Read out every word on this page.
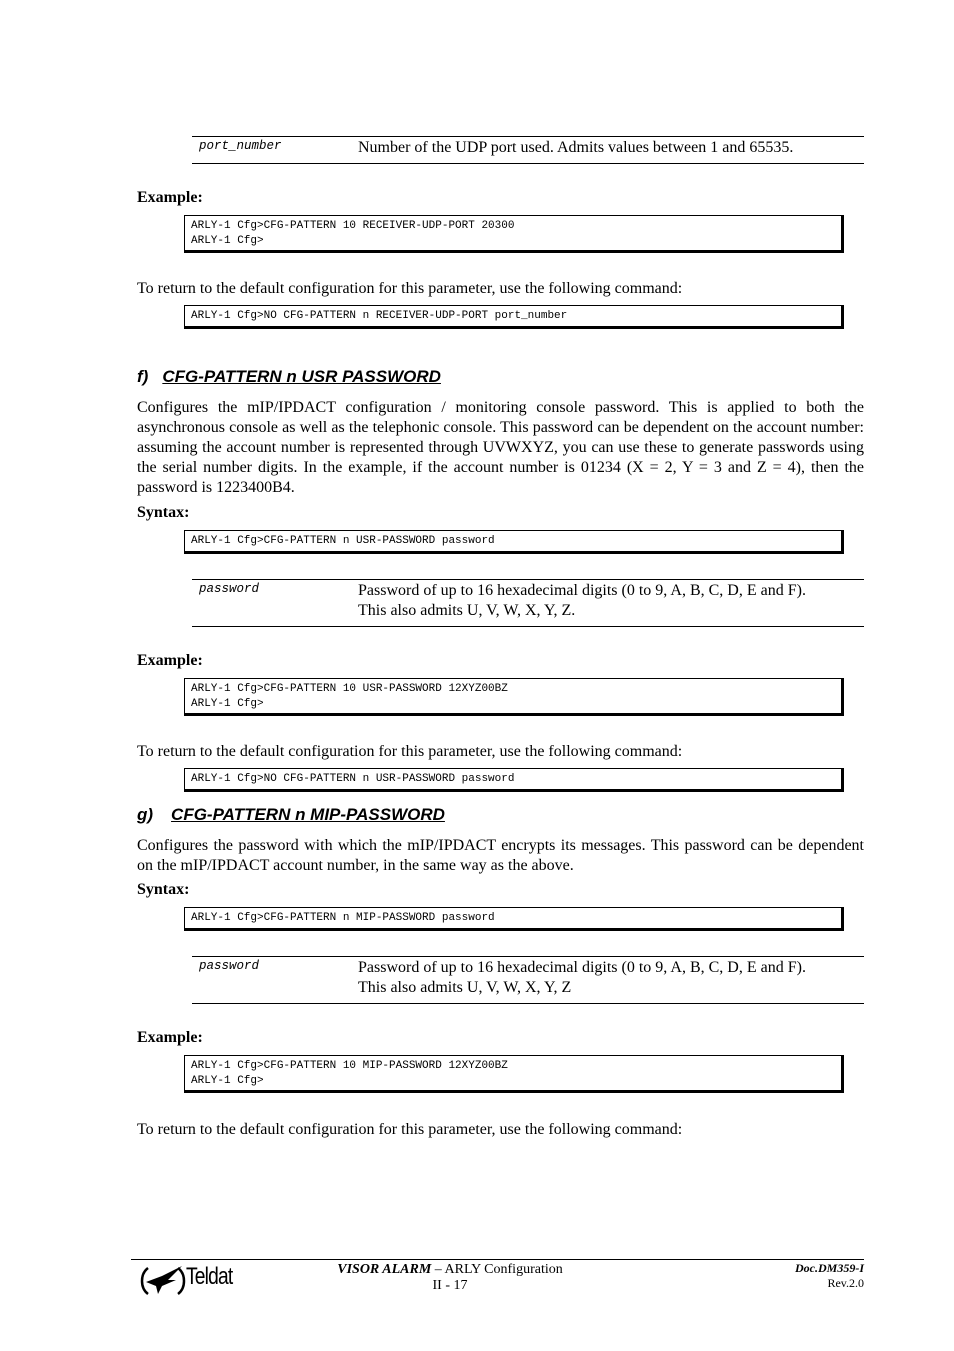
port_number	Number of the UDP port used. Admits values between 1 and 65535.
Example:
ARLY-1 Cfg>CFG-PATTERN 10 RECEIVER-UDP-PORT 20300
ARLY-1 Cfg>
To return to the default configuration for this parameter, use the following command:
ARLY-1 Cfg>NO CFG-PATTERN n RECEIVER-UDP-PORT port_number
f) CFG-PATTERN n USR PASSWORD
Configures the mIP/IPDACT configuration / monitoring console password. This is applied to both the asynchronous console as well as the telephonic console. This password can be dependent on the account number: assuming the account number is represented through UVWXYZ, you can use these to generate passwords using the serial number digits. In the example, if the account number is 01234 (X = 2, Y = 3 and Z = 4), then the password is 1223400B4.
Syntax:
ARLY-1 Cfg>CFG-PATTERN n USR-PASSWORD password
password	Password of up to 16 hexadecimal digits (0 to 9, A, B, C, D, E and F).
This also admits U, V, W, X, Y, Z.
Example:
ARLY-1 Cfg>CFG-PATTERN 10 USR-PASSWORD 12XYZ00BZ
ARLY-1 Cfg>
To return to the default configuration for this parameter, use the following command:
ARLY-1 Cfg>NO CFG-PATTERN n USR-PASSWORD password
g) CFG-PATTERN n MIP-PASSWORD
Configures the password with which the mIP/IPDACT encrypts its messages. This password can be dependent on the mIP/IPDACT account number, in the same way as the above.
Syntax:
ARLY-1 Cfg>CFG-PATTERN n MIP-PASSWORD password
password	Password of up to 16 hexadecimal digits (0 to 9, A, B, C, D, E and F).
This also admits U, V, W, X, Y, Z
Example:
ARLY-1 Cfg>CFG-PATTERN 10 MIP-PASSWORD 12XYZ00BZ
ARLY-1 Cfg>
To return to the default configuration for this parameter, use the following command:
Teldat	VISOR ALARM – ARLY Configuration
II - 17
Doc.DM359-I
Rev.2.0
